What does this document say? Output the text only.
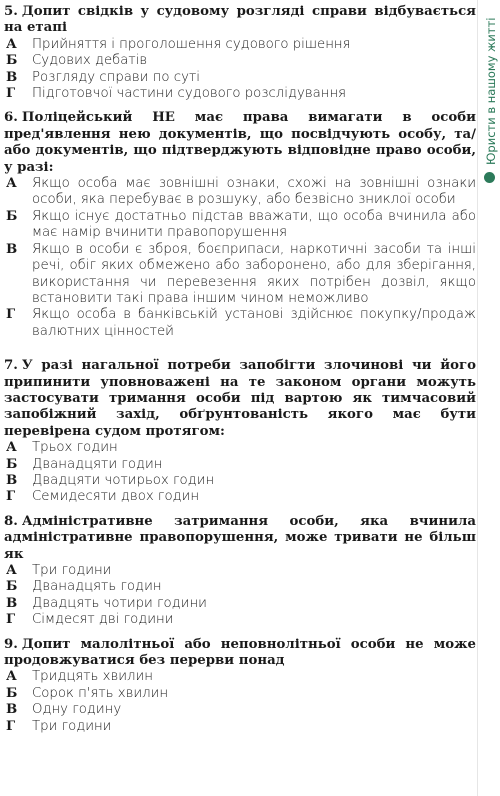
Юристи в нашому житті
5. Допит свідків у судовому розгляді справи відбувається на етапі
А	Прийняття і проголошення судового рішення
Б	Судових дебатів
В	Розгляду справи по суті
Г	Підготовчої частини судового розслідування
6. Поліцейський НЕ має права вимагати в особи пред'явлення нею документів, що посвідчують особу, та/або документів, що підтверджують відповідне право особи, у разі:
А	Якщо особа має зовнішні ознаки, схожі на зовнішні ознаки особи, яка перебуває в розшуку, або безвісно зниклої особи
Б	Якщо існує достатньо підстав вважати, що особа вчинила або має намір вчинити правопорушення
В	Якщо в особи є зброя, боєприпаси, наркотичні засоби та інші речі, обіг яких обмежено або заборонено, або для зберігання, використання чи перевезення яких потрібен дозвіл, якщо встановити такі права іншим чином неможливо
Г	Якщо особа в банківській установі здійснює покупку/продаж валютних цінностей
7. У разі нагальної потреби запобігти злочинові чи його припинити уповноважені на те законом органи можуть застосувати тримання особи під вартою як тимчасовий запобіжний захід, обґрунтованість якого має бути перевірена судом протягом:
А	Трьох годин
Б	Дванадцяти годин
В	Двадцяти чотирьох годин
Г	Семидесяти двох годин
8. Адміністративне затримання особи, яка вчинила адміністративне правопорушення, може тривати не більш як
А	Три години
Б	Дванадцять годин
В	Двадцять чотири години
Г	Сімдесят дві години
9. Допит малолітньої або неповнолітньої особи не може продовжуватися без перерви понад
А	Тридцять хвилин
Б	Сорок п'ять хвилин
В	Одну годину
Г	Три години
